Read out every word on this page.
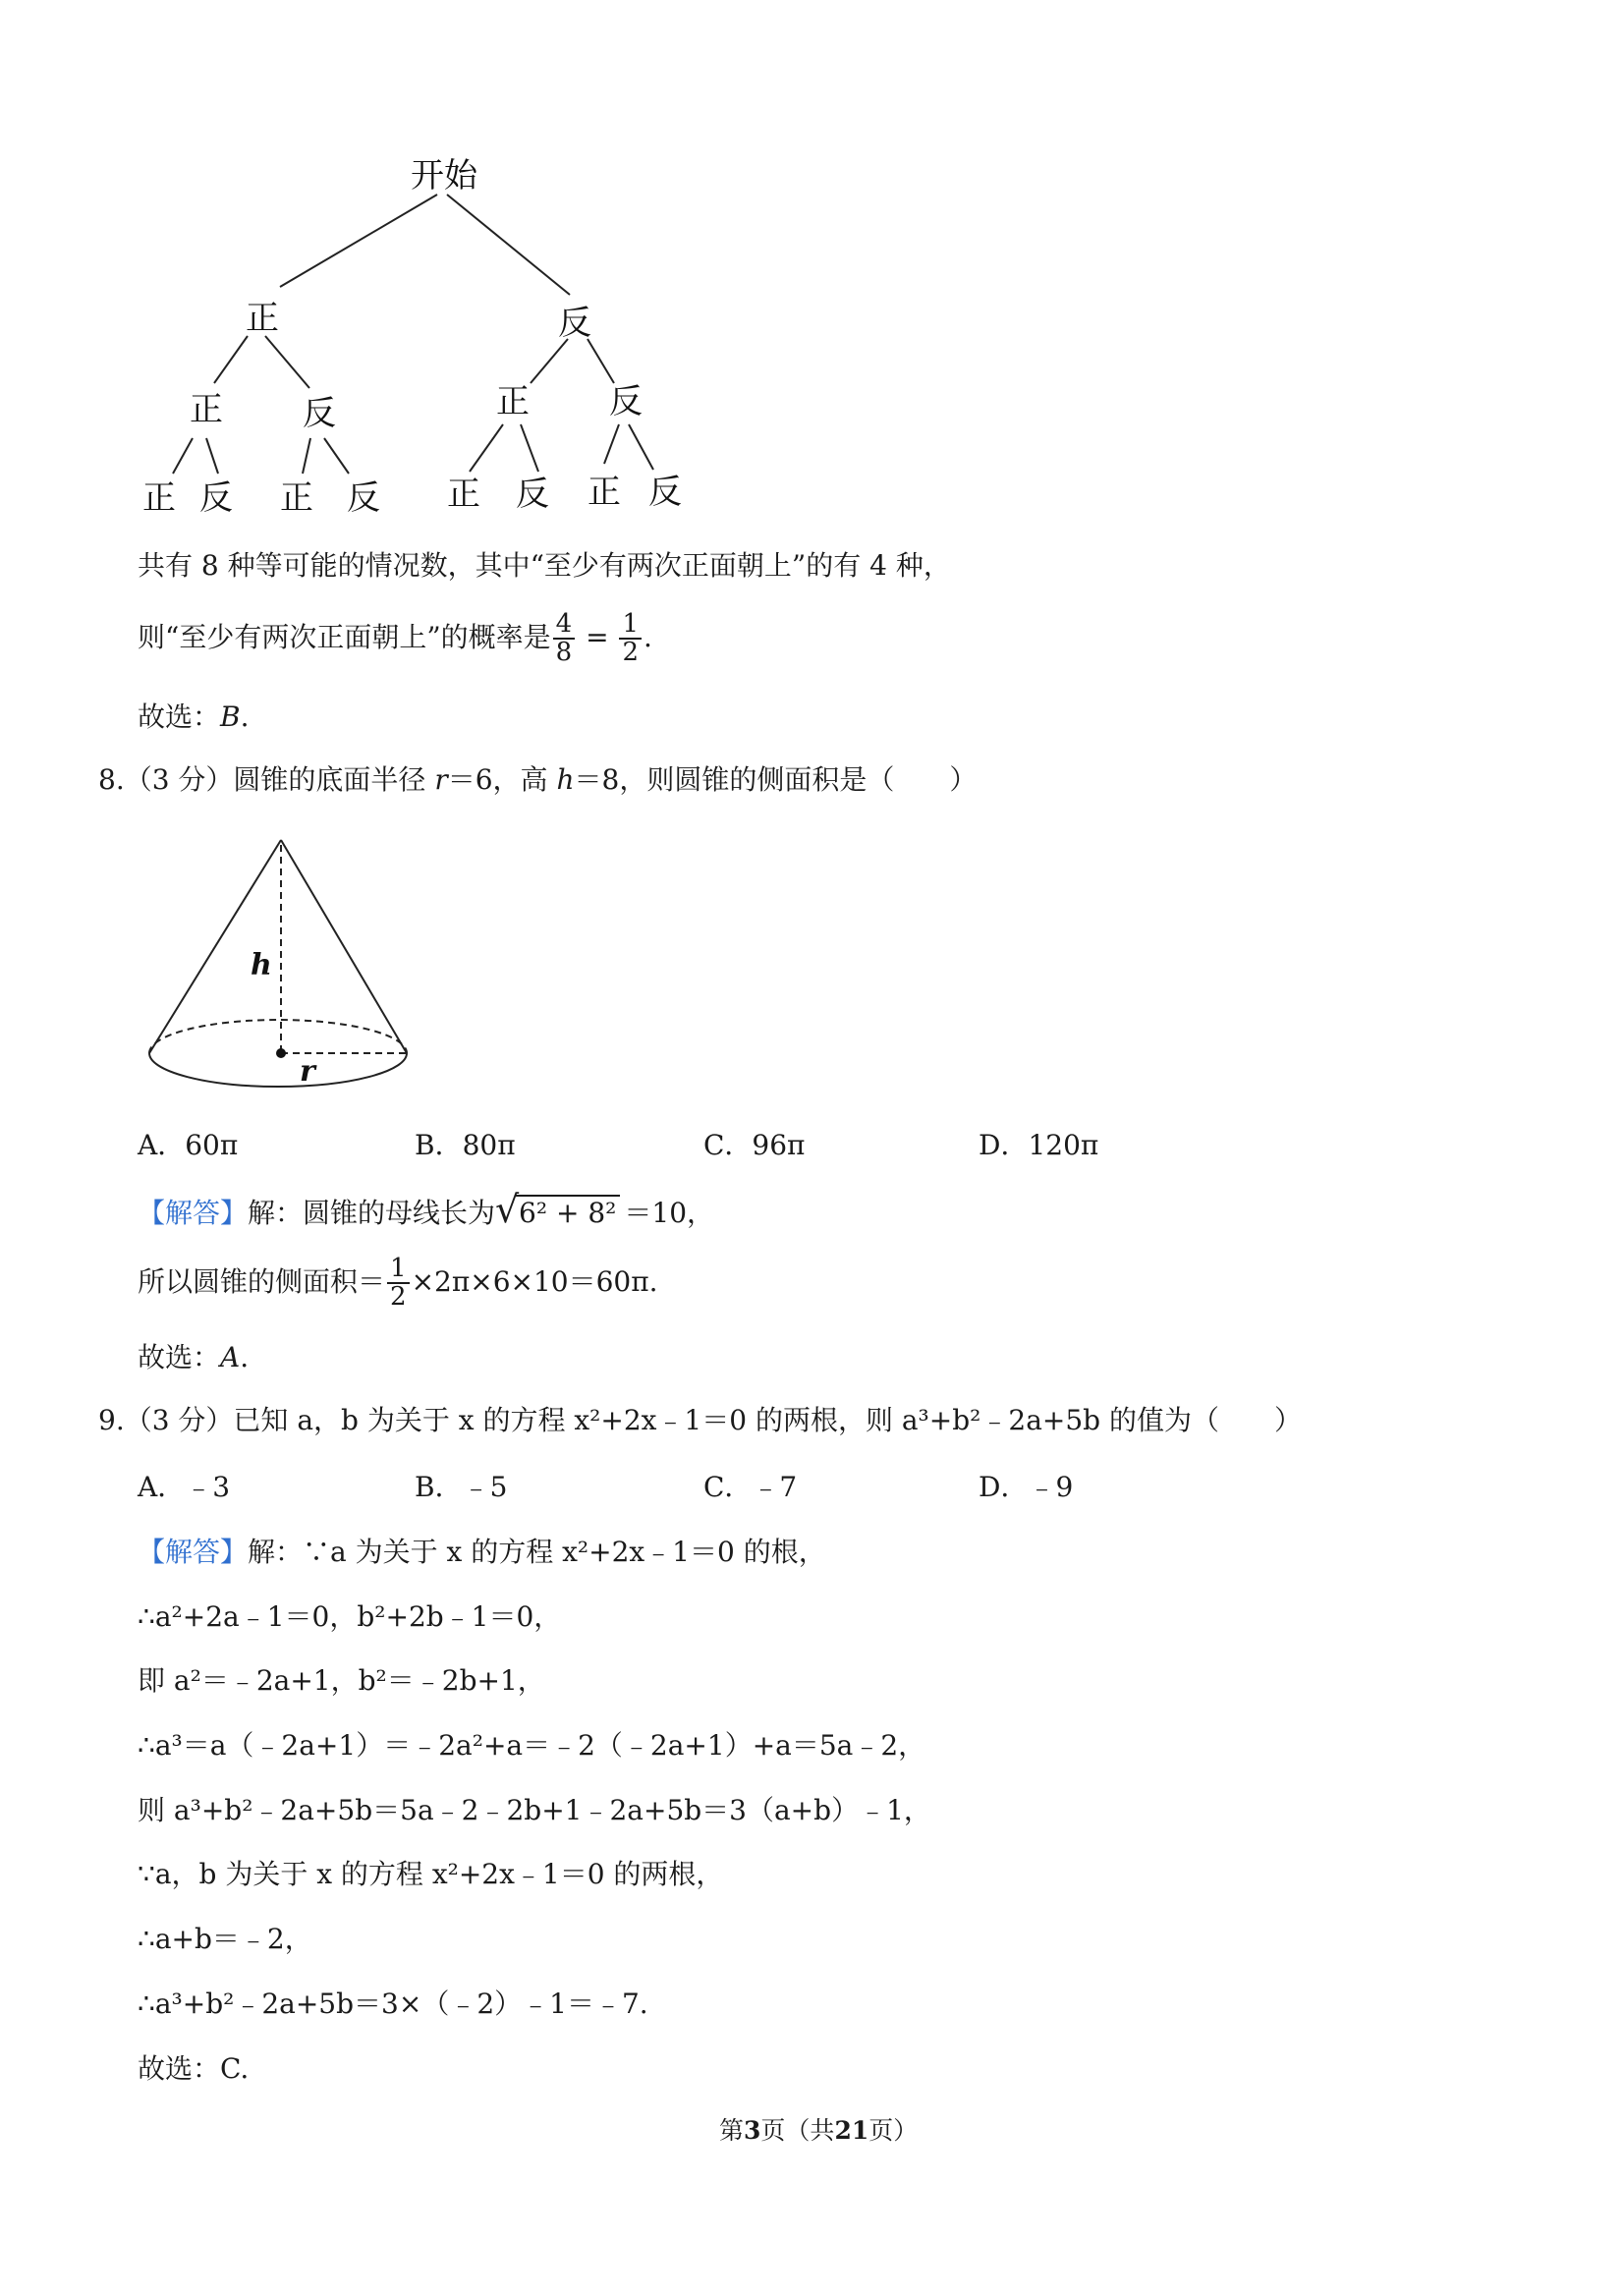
开始
正	反
正 反	正 反
正 反 正 反 正 反 正 反
共有 8 种等可能的情况数，其中“至少有两次正面朝上”的有 4 种，
则“至少有两次正面朝上”的概率是 $\frac{4}{8} = \frac{1}{2}$ .
故选：B.
8.（3 分）圆锥的底面半径 r＝6，高 h＝8，则圆锥的侧面积是（　　）
h
r
A．60π	B．80π	C．96π	D．120π
【解答】解：圆锥的母线长为 √ 6² + 8² ＝10，
所以圆锥的侧面积＝ $\frac{1}{2} \times 2\pi\times 6\times 10=60\pi$.
故选：A.
9.（3 分）已知 a，b 为关于 x 的方程 x²+2x﹣1＝0 的两根，则 a³+b²﹣2a+5b 的值为（　　）
A．﹣3	B．﹣5	C．﹣7	D．﹣9
【解答】解：∵a 为关于 x 的方程 x²+2x﹣1＝0 的根，
∴a²+2a﹣1＝0，b²+2b﹣1＝0，
即 a²＝﹣2a+1，b²＝﹣2b+1，
∴a³＝a（﹣2a+1）＝﹣2a²+a＝﹣2（﹣2a+1）+a＝5a﹣2，
则 a³+b²﹣2a+5b＝5a﹣2﹣2b+1﹣2a+5b＝3（a+b）﹣1，
∵a，b 为关于 x 的方程 x²+2x﹣1＝0 的两根，
∴a+b＝﹣2，
∴a³+b²﹣2a+5b＝3×（﹣2）﹣1＝﹣7.
故选：C.
第3页（共21页）
